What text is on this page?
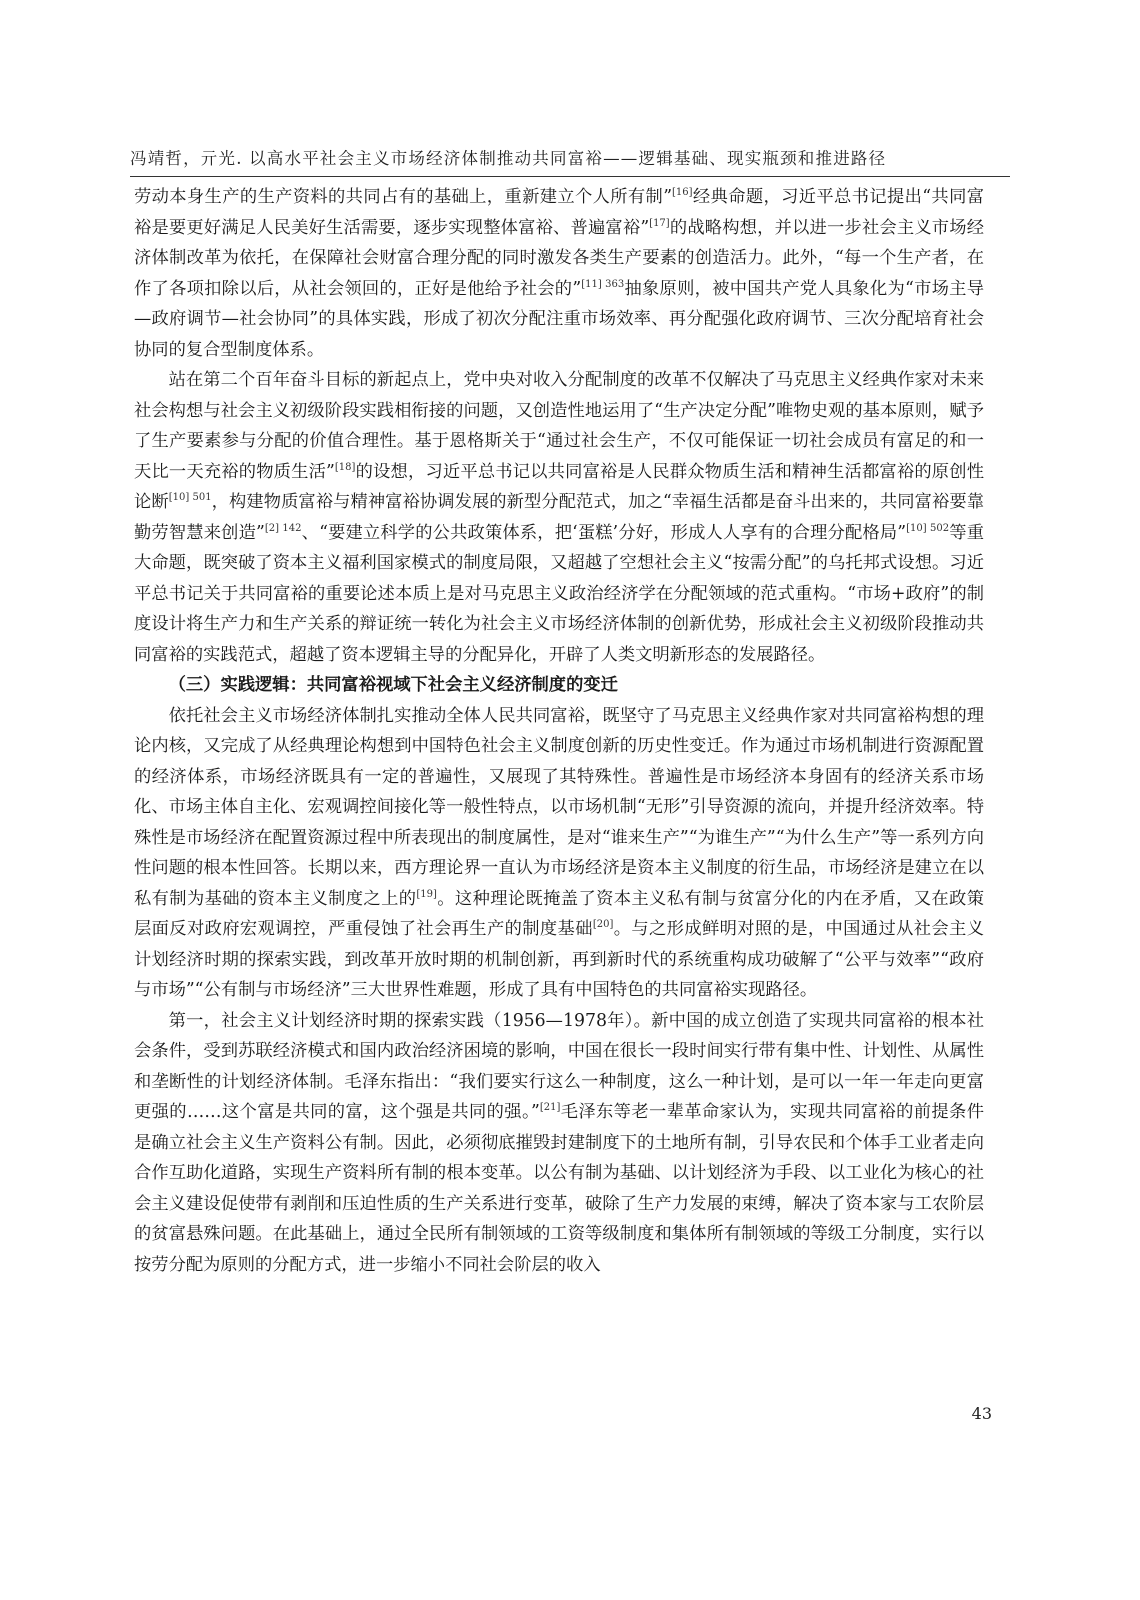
冯靖哲，亓光. 以高水平社会主义市场经济体制推动共同富裕——逻辑基础、现实瓶颈和推进路径

劳动本身生产的生产资料的共同占有的基础上，重新建立个人所有制”[16]经典命题，习近平总书记提出“共同富裕是要更好满足人民美好生活需要，逐步实现整体富裕、普遍富裕”[17]的战略构想，并以进一步社会主义市场经济体制改革为依托，在保障社会财富合理分配的同时激发各类生产要素的创造活力。此外，“每一个生产者，在作了各项扣除以后，从社会领回的，正好是他给予社会的”$^{[11] 363}$抽象原则，被中国共产党人具象化为“市场主导—政府调节—社会协同”的具体实践，形成了初次分配注重市场效率、再分配强化政府调节、三次分配培育社会协同的复合型制度体系。

站在第二个百年奋斗目标的新起点上，党中央对收入分配制度的改革不仅解决了马克思主义经典作家对未来社会构想与社会主义初级阶段实践相衔接的问题，又创造性地运用了“生产决定分配”唯物史观的基本原则，赋予了生产要素参与分配的价值合理性。基于恩格斯关于“通过社会生产，不仅可能保证一切社会成员有富足的和一天比一天充裕的物质生活”[18]的设想，习近平总书记以共同富裕是人民群众物质生活和精神生活都富裕的原创性论断$^{[10] 501}$，构建物质富裕与精神富裕协调发展的新型分配范式，加之“幸福生活都是奋斗出来的，共同富裕要靠勤劳智慧来创造”$^{[2] 142}$、“要建立科学的公共政策体系，把‘蛋糕’分好，形成人人享有的合理分配格局”$^{[10] 502}$等重大命题，既突破了资本主义福利国家模式的制度局限，又超越了空想社会主义“按需分配”的乌托邦式设想。习近平总书记关于共同富裕的重要论述本质上是对马克思主义政治经济学在分配领域的范式重构。“市场+政府”的制度设计将生产力和生产关系的辩证统一转化为社会主义市场经济体制的创新优势，形成社会主义初级阶段推动共同富裕的实践范式，超越了资本逻辑主导的分配异化，开辟了人类文明新形态的发展路径。

（三）实践逻辑：共同富裕视域下社会主义经济制度的变迁

依托社会主义市场经济体制扎实推动全体人民共同富裕，既坚守了马克思主义经典作家对共同富裕构想的理论内核，又完成了从经典理论构想到中国特色社会主义制度创新的历史性变迁。作为通过市场机制进行资源配置的经济体系，市场经济既具有一定的普遍性，又展现了其特殊性。普遍性是市场经济本身固有的经济关系市场化、市场主体自主化、宏观调控间接化等一般性特点，以市场机制“无形”引导资源的流向，并提升经济效率。特殊性是市场经济在配置资源过程中所表现出的制度属性，是对“谁来生产”“为谁生产”“为什么生产”等一系列方向性问题的根本性回答。长期以来，西方理论界一直认为市场经济是资本主义制度的衍生品，市场经济是建立在以私有制为基础的资本主义制度之上的[19]。这种理论既掩盖了资本主义私有制与贫富分化的内在矛盾，又在政策层面反对政府宏观调控，严重侵蚀了社会再生产的制度基础[20]。与之形成鲜明对照的是，中国通过从社会主义计划经济时期的探索实践，到改革开放时期的机制创新，再到新时代的系统重构成功破解了“公平与效率”“政府与市场”“公有制与市场经济”三大世界性难题，形成了具有中国特色的共同富裕实现路径。

第一，社会主义计划经济时期的探索实践（1956—1978年）。新中国的成立创造了实现共同富裕的根本社会条件，受到苏联经济模式和国内政治经济困境的影响，中国在很长一段时间实行带有集中性、计划性、从属性和垄断性的计划经济体制。毛泽东指出：“我们要实行这么一种制度，这么一种计划，是可以一年一年走向更富更强的……这个富是共同的富，这个强是共同的强。”[21]毛泽东等老一辈革命家认为，实现共同富裕的前提条件是确立社会主义生产资料公有制。因此，必须彻底摧毁封建制度下的土地所有制，引导农民和个体手工业者走向合作互助化道路，实现生产资料所有制的根本变革。以公有制为基础、以计划经济为手段、以工业化为核心的社会主义建设促使带有剥削和压迫性质的生产关系进行变革，破除了生产力发展的束缚，解决了资本家与工农阶层的贫富悬殊问题。在此基础上，通过全民所有制领域的工资等级制度和集体所有制领域的等级工分制度，实行以按劳分配为原则的分配方式，进一步缩小不同社会阶层的收入

43
